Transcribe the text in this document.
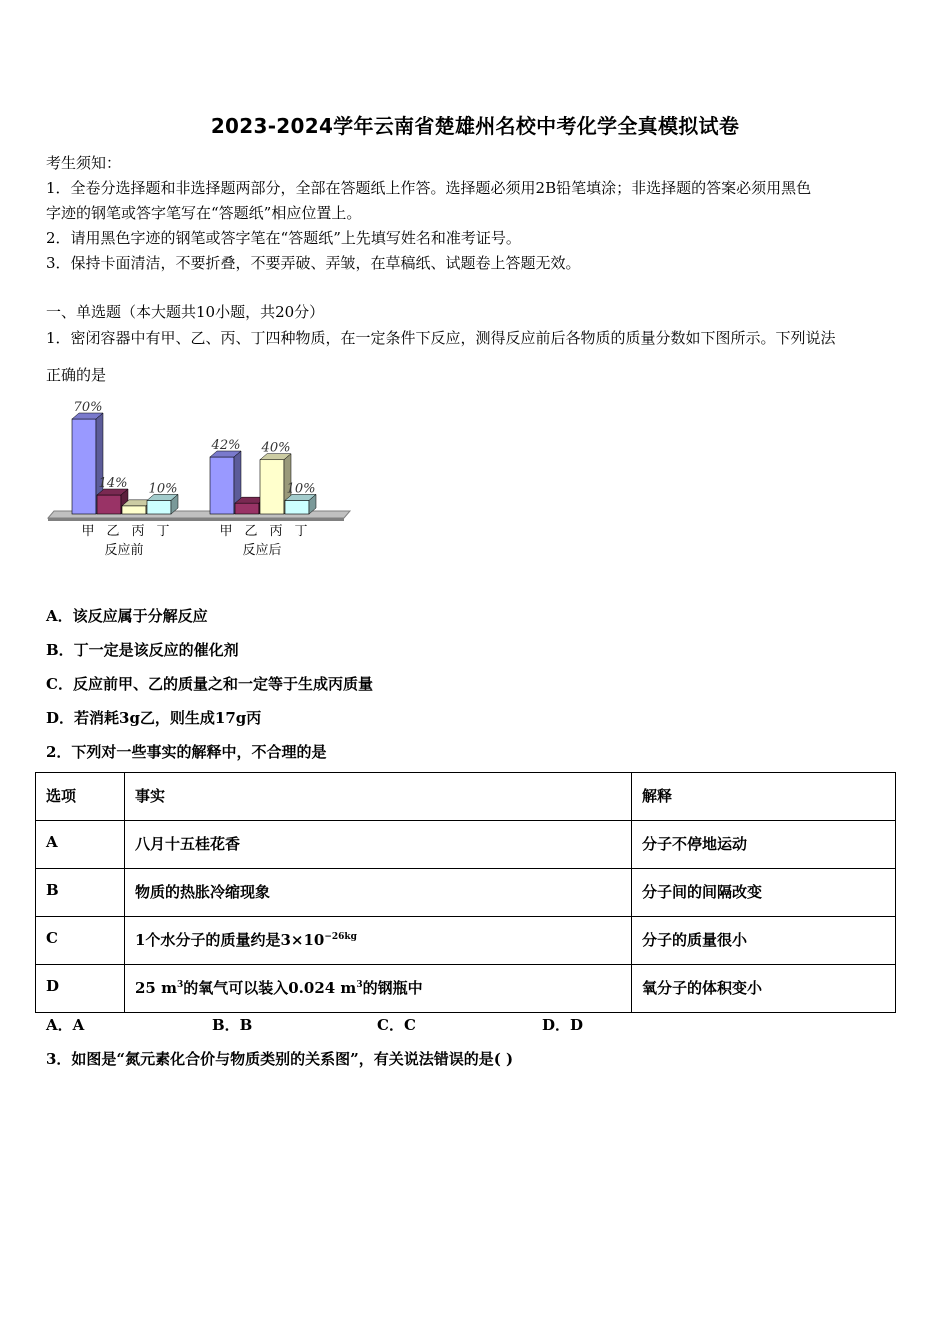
2023-2024学年云南省楚雄州名校中考化学全真模拟试卷
考生须知：
1．全卷分选择题和非选择题两部分，全部在答题纸上作答。选择题必须用2B铅笔填涂；非选择题的答案必须用黑色
字迹的钢笔或答字笔写在“答题纸”相应位置上。
2．请用黑色字迹的钢笔或答字笔在“答题纸”上先填写姓名和准考证号。
3．保持卡面清洁，不要折叠，不要弄破、弄皱，在草稿纸、试题卷上答题无效。
一、单选题（本大题共10小题，共20分）
1．密闭容器中有甲、乙、丙、丁四种物质，在一定条件下反应，测得反应前后各物质的质量分数如下图所示。下列说法
正确的是
70%
甲
14%
乙 丙
10%
丁
反应前
42%
甲 乙
40%
丙
10%
丁
反应后
A．该反应属于分解反应
B．丁一定是该反应的催化剂
C．反应前甲、乙的质量之和一定等于生成丙质量
D．若消耗3g乙，则生成17g丙
2．下列对一些事实的解释中，不合理的是
选项	事实	解释
A	八月十五桂花香	分子不停地运动
B	物质的热胀冷缩现象	分子间的间隔改变
C	1个水分子的质量约是$3\times 10^{-26kg}$	分子的质量很小
D	25 $m^3$的氧气可以装入0.024 $m^3$的钢瓶中	氧分子的体积变小
A．A	B．B	C．C	D．D
3．如图是“氮元素化合价与物质类别的关系图”，有关说法错误的是( )
